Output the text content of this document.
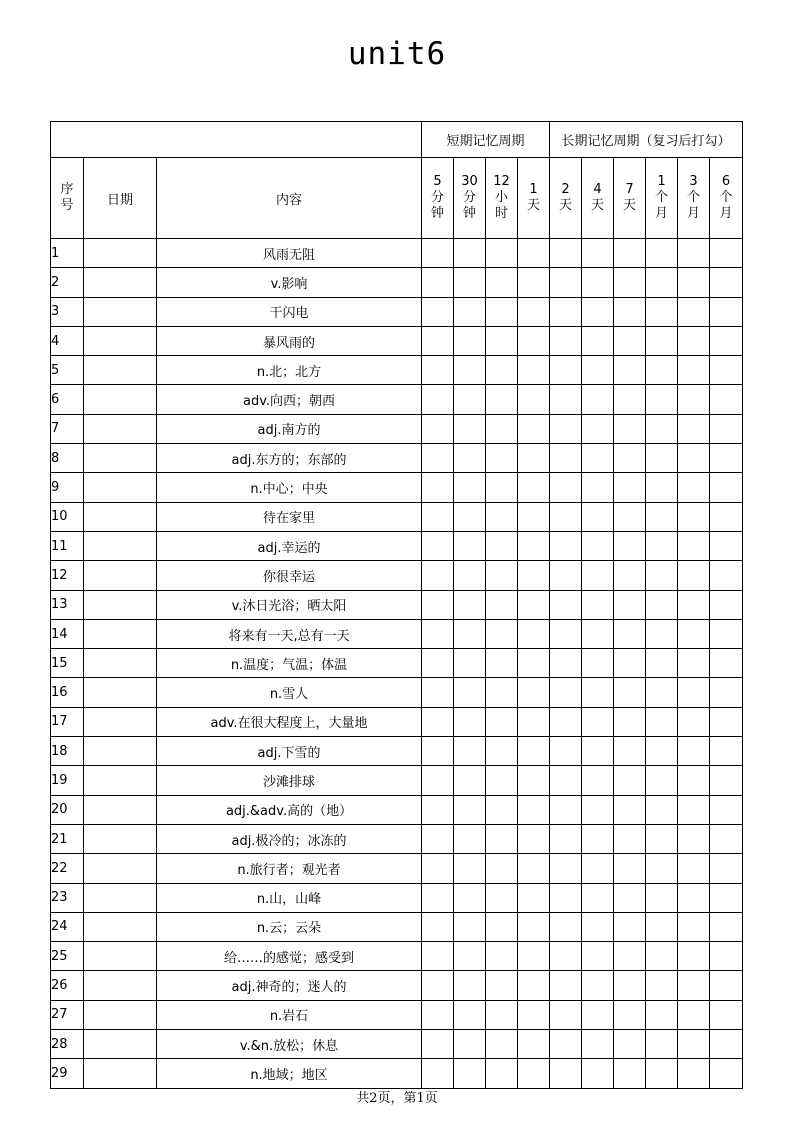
unit6
			短期记忆周期				长期记忆周期（复习后打勾）					

序
号	日期	内容	5
分
钟	30
分
钟	12
小
时	1
天	2
天	4
天	7
天	1
个
月	3
个
月	6
个
月

1		风雨无阻										
2		v.影响										
3		干闪电										
4		暴风雨的										
5		n.北；北方										
6		adv.向西；朝西										
7		adj.南方的										
8		adj.东方的；东部的										
9		n.中心；中央										
10		待在家里										
11		adj.幸运的										
12		你很幸运										
13		v.沐日光浴；晒太阳										
14		将来有一天,总有一天										
15		n.温度；气温；体温										
16		n.雪人										
17		adv.在很大程度上，大量地										
18		adj.下雪的										
19		沙滩排球										
20		adj.&adv.高的（地）										
21		adj.极冷的；冰冻的										
22		n.旅行者；观光者										
23		n.山，山峰										
24		n.云；云朵										
25		给……的感觉；感受到										
26		adj.神奇的；迷人的										
27		n.岩石										
28		v.&n.放松；休息										
29		n.地域；地区										
共2页，第1页
